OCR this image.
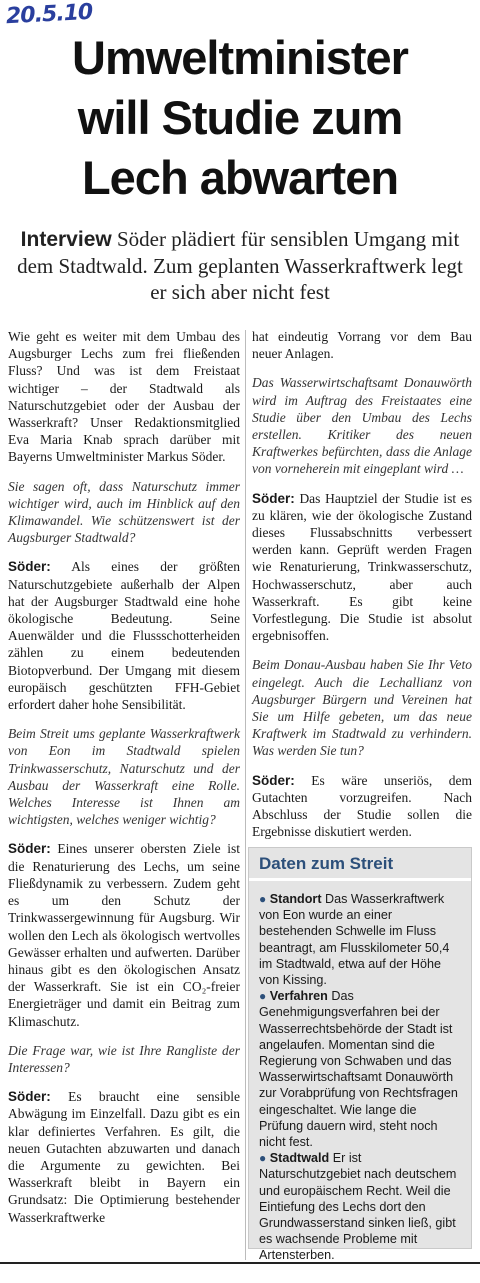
20.5.10
Umweltminister
will Studie zum
Lech abwarten
Interview Söder plädiert für sensiblen Umgang mit dem Stadtwald. Zum geplanten Wasserkraftwerk legt er sich aber nicht fest

Wie geht es weiter mit dem Umbau des Augsburger Lechs zum frei fließenden Fluss? Und was ist dem Freistaat wichtiger – der Stadtwald als Naturschutzgebiet oder der Ausbau der Wasserkraft? Unser Redaktionsmitglied Eva Maria Knab sprach darüber mit Bayerns Umweltminister Markus Söder.

Sie sagen oft, dass Naturschutz immer wichtiger wird, auch im Hinblick auf den Klimawandel. Wie schützenswert ist der Augsburger Stadtwald?

Söder: Als eines der größten Naturschutzgebiete außerhalb der Alpen hat der Augsburger Stadtwald eine hohe ökologische Bedeutung. Seine Auenwälder und die Flussschotterheiden zählen zu einem bedeutenden Biotopverbund. Der Umgang mit diesem europäisch geschützten FFH-Gebiet erfordert daher hohe Sensibilität.

Beim Streit ums geplante Wasserkraftwerk von Eon im Stadtwald spielen Trinkwasserschutz, Naturschutz und der Ausbau der Wasserkraft eine Rolle. Welches Interesse ist Ihnen am wichtigsten, welches weniger wichtig?

Söder: Eines unserer obersten Ziele ist die Renaturierung des Lechs, um seine Fließdynamik zu verbessern. Zudem geht es um den Schutz der Trinkwassergewinnung für Augsburg. Wir wollen den Lech als ökologisch wertvolles Gewässer erhalten und aufwerten. Darüber hinaus gibt es den ökologischen Ansatz der Wasserkraft. Sie ist ein CO₂-freier Energieträger und damit ein Beitrag zum Klimaschutz.

Die Frage war, wie ist Ihre Rangliste der Interessen?

Söder: Es braucht eine sensible Abwägung im Einzelfall. Dazu gibt es ein klar definiertes Verfahren. Es gilt, die neuen Gutachten abzuwarten und danach die Argumente zu gewichten. Bei Wasserkraft bleibt in Bayern ein Grundsatz: Die Optimierung bestehender Wasserkraftwerke

hat eindeutig Vorrang vor dem Bau neuer Anlagen.

Das Wasserwirtschaftsamt Donauwörth wird im Auftrag des Freistaates eine Studie über den Umbau des Lechs erstellen. Kritiker des neuen Kraftwerkes befürchten, dass die Anlage von vorneherein mit eingeplant wird …

Söder: Das Hauptziel der Studie ist es zu klären, wie der ökologische Zustand dieses Flussabschnitts verbessert werden kann. Geprüft werden Fragen wie Renaturierung, Trinkwasserschutz, Hochwasserschutz, aber auch Wasserkraft. Es gibt keine Vorfestlegung. Die Studie ist absolut ergebnisoffen.

Beim Donau-Ausbau haben Sie Ihr Veto eingelegt. Auch die Lechallianz von Augsburger Bürgern und Vereinen hat Sie um Hilfe gebeten, um das neue Kraftwerk im Stadtwald zu verhindern. Was werden Sie tun?

Söder: Es wäre unseriös, dem Gutachten vorzugreifen. Nach Abschluss der Studie sollen die Ergebnisse diskutiert werden.

Daten zum Streit
● Standort Das Wasserkraftwerk von Eon wurde an einer bestehenden Schwelle im Fluss beantragt, am Flusskilometer 50,4 im Stadtwald, etwa auf der Höhe von Kissing.
● Verfahren Das Genehmigungsverfahren bei der Wasserrechtsbehörde der Stadt ist angelaufen. Momentan sind die Regierung von Schwaben und das Wasserwirtschaftsamt Donauwörth zur Vorabprüfung von Rechtsfragen eingeschaltet. Wie lange die Prüfung dauern wird, steht noch nicht fest.
● Stadtwald Er ist Naturschutzgebiet nach deutschem und europäischem Recht. Weil die Eintiefung des Lechs dort den Grundwasserstand sinken ließ, gibt es wachsende Probleme mit Artensterben.
